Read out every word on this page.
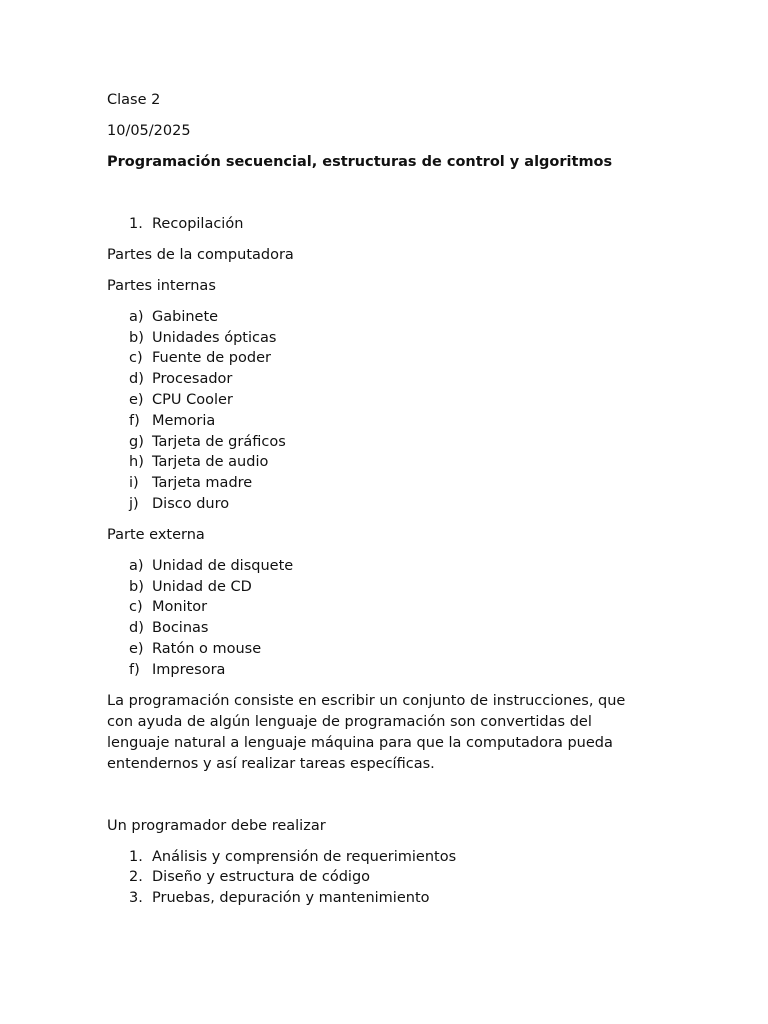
Clase 2

10/05/2025

Programación secuencial, estructuras de control y algoritmos

1. Recopilación

Partes de la computadora

Partes internas

a) Gabinete
b) Unidades ópticas
c) Fuente de poder
d) Procesador
e) CPU Cooler
f) Memoria
g) Tarjeta de gráficos
h) Tarjeta de audio
i) Tarjeta madre
j) Disco duro

Parte externa

a) Unidad de disquete
b) Unidad de CD
c) Monitor
d) Bocinas
e) Ratón o mouse
f) Impresora
La programación consiste en escribir un conjunto de instrucciones, que
con ayuda de algún lenguaje de programación son convertidas del
lenguaje natural a lenguaje máquina para que la computadora pueda
entendernos y así realizar tareas específicas.

Un programador debe realizar

1. Análisis y comprensión de requerimientos
2. Diseño y estructura de código
3. Pruebas, depuración y mantenimiento
